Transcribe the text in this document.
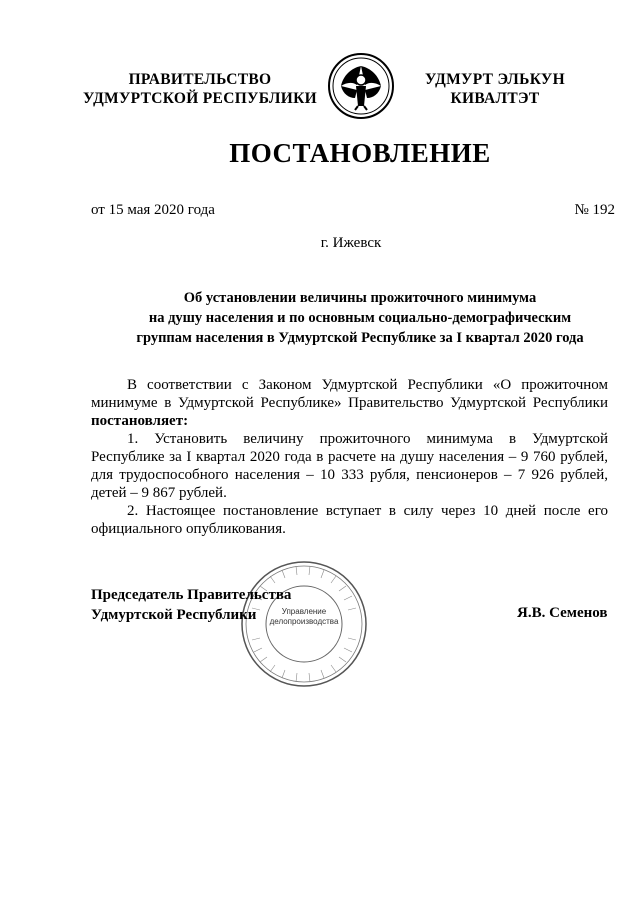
ПРАВИТЕЛЬСТВО
УДМУРТСКОЙ РЕСПУБЛИКИ
УДМУРТ ЭЛЬКУН
КИВАЛТЭТ
ПОСТАНОВЛЕНИЕ
от 15 мая 2020 года	№ 192
г. Ижевск
Об установлении величины прожиточного минимума
на душу населения и по основным социально-демографическим
группам населения в Удмуртской Республике за I квартал 2020 года

В соответствии с Законом Удмуртской Республики «О прожиточном минимуме в Удмуртской Республике» Правительство Удмуртской Республики постановляет:

1. Установить величину прожиточного минимума в Удмуртской Республике за I квартал 2020 года в расчете на душу населения – 9 760 рублей, для трудоспособного населения – 10 333 рубля, пенсионеров – 7 926 рублей, детей – 9 867 рублей.

2. Настоящее постановление вступает в силу через 10 дней после его официального опубликования.

Управление
делопроизводства
Председатель Правительства
Удмуртской Республики	Я.В. Семенов
